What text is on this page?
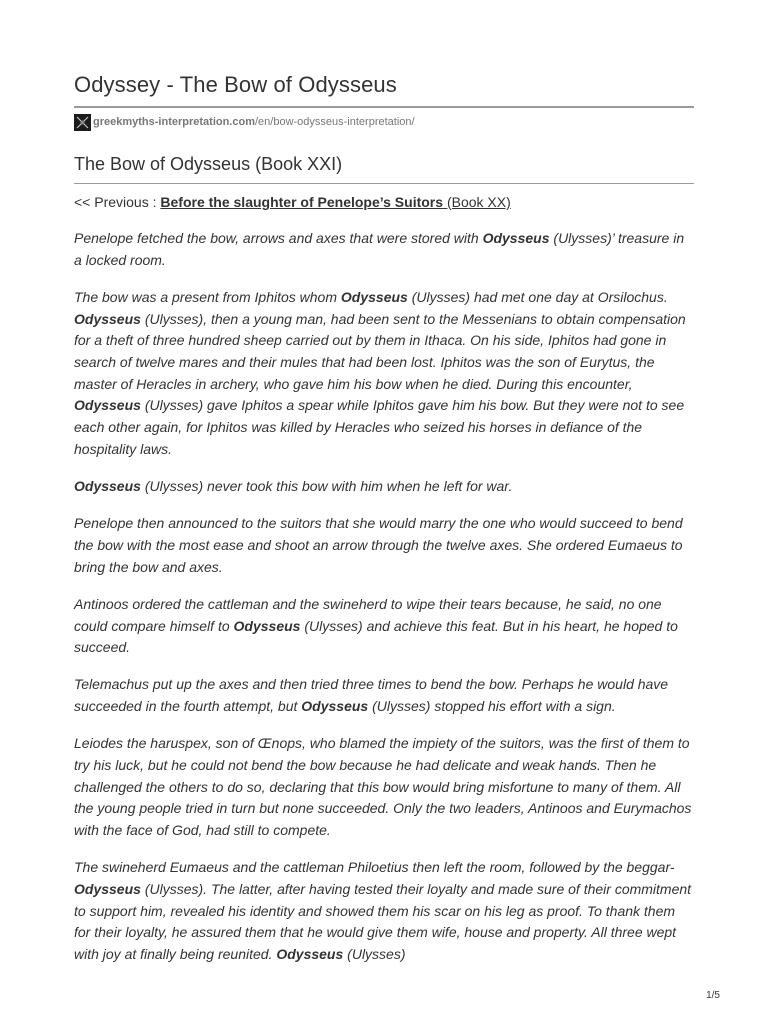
Odyssey - The Bow of Odysseus
greekmyths-interpretation.com /en/bow-odysseus-interpretation/
The Bow of Odysseus (Book XXI)
<< Previous : Before the slaughter of Penelope’s Suitors (Book XX)

Penelope fetched the bow, arrows and axes that were stored with Odysseus (Ulysses)’ treasure in a locked room.

The bow was a present from Iphitos whom Odysseus (Ulysses) had met one day at Orsilochus. Odysseus (Ulysses), then a young man, had been sent to the Messenians to obtain compensation for a theft of three hundred sheep carried out by them in Ithaca. On his side, Iphitos had gone in search of twelve mares and their mules that had been lost. Iphitos was the son of Eurytus, the master of Heracles in archery, who gave him his bow when he died. During this encounter, Odysseus (Ulysses) gave Iphitos a spear while Iphitos gave him his bow. But they were not to see each other again, for Iphitos was killed by Heracles who seized his horses in defiance of the hospitality laws.

Odysseus (Ulysses) never took this bow with him when he left for war.

Penelope then announced to the suitors that she would marry the one who would succeed to bend the bow with the most ease and shoot an arrow through the twelve axes. She ordered Eumaeus to bring the bow and axes.

Antinoos ordered the cattleman and the swineherd to wipe their tears because, he said, no one could compare himself to Odysseus (Ulysses) and achieve this feat. But in his heart, he hoped to succeed.

Telemachus put up the axes and then tried three times to bend the bow. Perhaps he would have succeeded in the fourth attempt, but Odysseus (Ulysses) stopped his effort with a sign.

Leiodes the haruspex, son of Œnops, who blamed the impiety of the suitors, was the first of them to try his luck, but he could not bend the bow because he had delicate and weak hands. Then he challenged the others to do so, declaring that this bow would bring misfortune to many of them. All the young people tried in turn but none succeeded. Only the two leaders, Antinoos and Eurymachos with the face of God, had still to compete.

The swineherd Eumaeus and the cattleman Philoetius then left the room, followed by the beggar-Odysseus (Ulysses). The latter, after having tested their loyalty and made sure of their commitment to support him, revealed his identity and showed them his scar on his leg as proof. To thank them for their loyalty, he assured them that he would give them wife, house and property. All three wept with joy at finally being reunited. Odysseus (Ulysses)

1/5
